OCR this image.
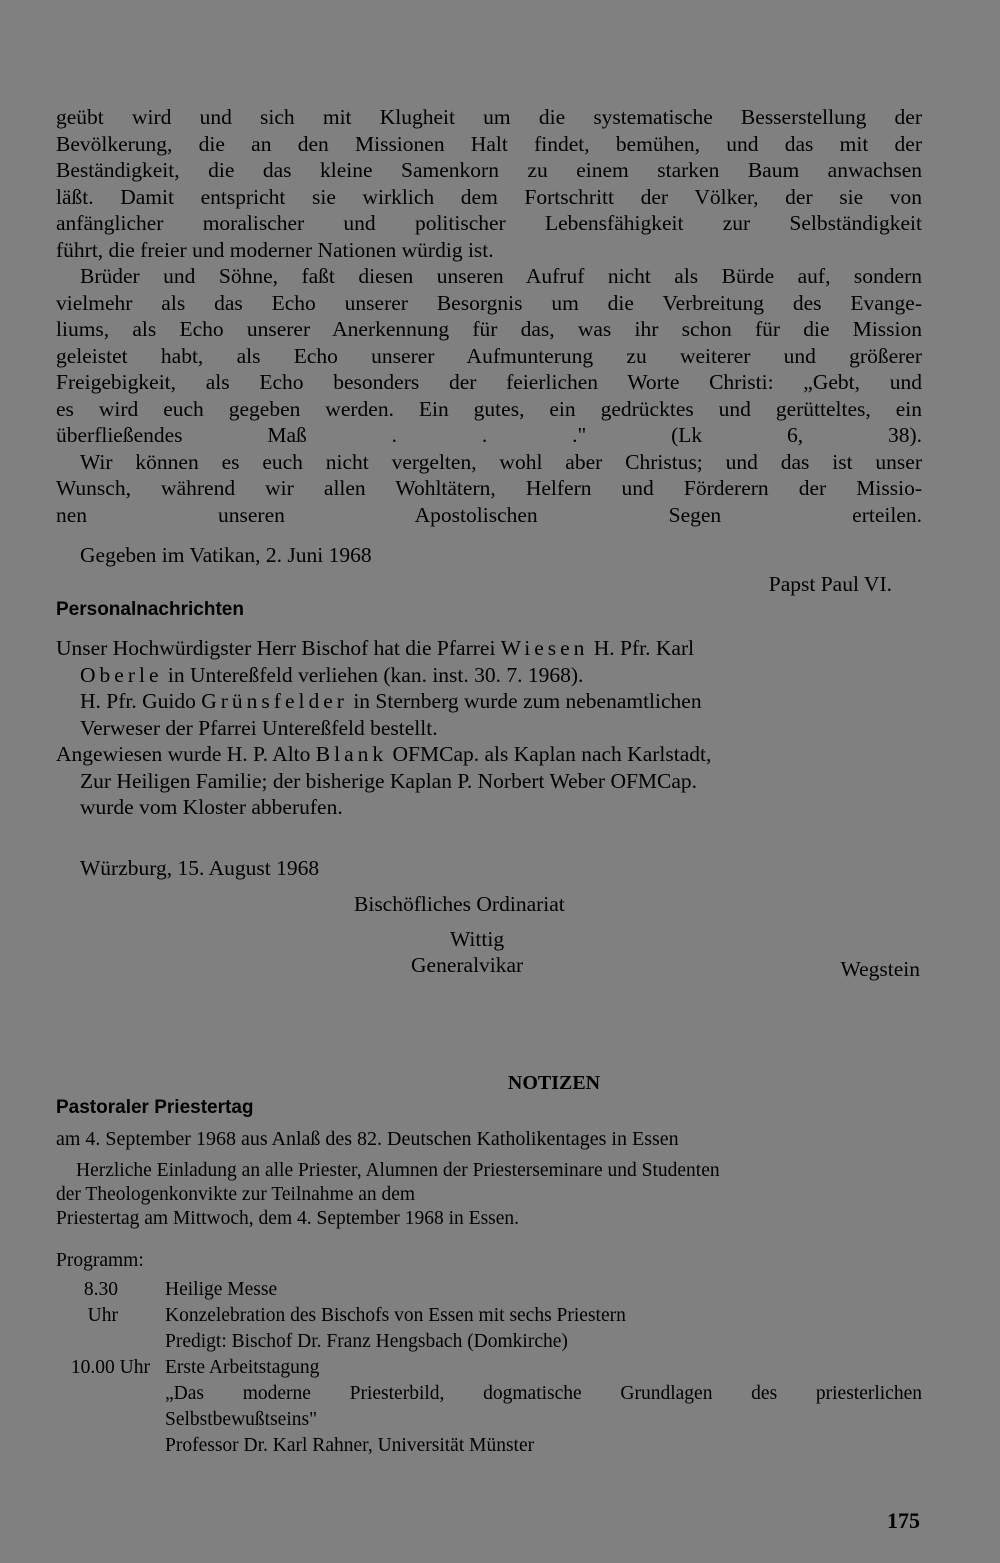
geübt wird und sich mit Klugheit um die systematische Besserstellung der
Bevölkerung, die an den Missionen Halt findet, bemühen, und das mit der
Beständigkeit, die das kleine Samenkorn zu einem starken Baum anwachsen
läßt. Damit entspricht sie wirklich dem Fortschritt der Völker, der sie von
anfänglicher moralischer und politischer Lebensfähigkeit zur Selbständigkeit
führt, die freier und moderner Nationen würdig ist.
Brüder und Söhne, faßt diesen unseren Aufruf nicht als Bürde auf, sondern
vielmehr als das Echo unserer Besorgnis um die Verbreitung des Evange-
liums, als Echo unserer Anerkennung für das, was ihr schon für die Mission
geleistet habt, als Echo unserer Aufmunterung zu weiterer und größerer
Freigebigkeit, als Echo besonders der feierlichen Worte Christi: „Gebt, und
es wird euch gegeben werden. Ein gutes, ein gedrücktes und gerütteltes, ein
überfließendes Maß . . ." (Lk 6, 38).
Wir können es euch nicht vergelten, wohl aber Christus; und das ist unser
Wunsch, während wir allen Wohltätern, Helfern und Förderern der Missio-
nen unseren Apostolischen Segen erteilen.
Gegeben im Vatikan, 2. Juni 1968
Papst Paul VI.
Personalnachrichten
Unser Hochwürdigster Herr Bischof hat die Pfarrei Wiesen H. Pfr. Karl
Oberle in Untereßfeld verliehen (kan. inst. 30. 7. 1968).
H. Pfr. Guido Grünsfelder in Sternberg wurde zum nebenamtlichen
Verweser der Pfarrei Untereßfeld bestellt.
Angewiesen wurde H. P. Alto Blank OFMCap. als Kaplan nach Karlstadt,
Zur Heiligen Familie; der bisherige Kaplan P. Norbert Weber OFMCap.
wurde vom Kloster abberufen.
Würzburg, 15. August 1968
Bischöfliches Ordinariat
Wittig
Generalvikar	Wegstein
NOTIZEN
Pastoraler Priestertag
am 4. September 1968 aus Anlaß des 82. Deutschen Katholikentages in Essen
Herzliche Einladung an alle Priester, Alumnen der Priesterseminare und Studenten
der Theologenkonvikte zur Teilnahme an dem
Priestertag am Mittwoch, dem 4. September 1968 in Essen.
Programm:
8.30 Uhr
Heilige Messe
Konzelebration des Bischofs von Essen mit sechs Priestern
Predigt: Bischof Dr. Franz Hengsbach (Domkirche)
10.00 Uhr Erste Arbeitstagung
„Das moderne Priesterbild, dogmatische Grundlagen des priesterlichen
Selbstbewußtseins"
Professor Dr. Karl Rahner, Universität Münster
175
